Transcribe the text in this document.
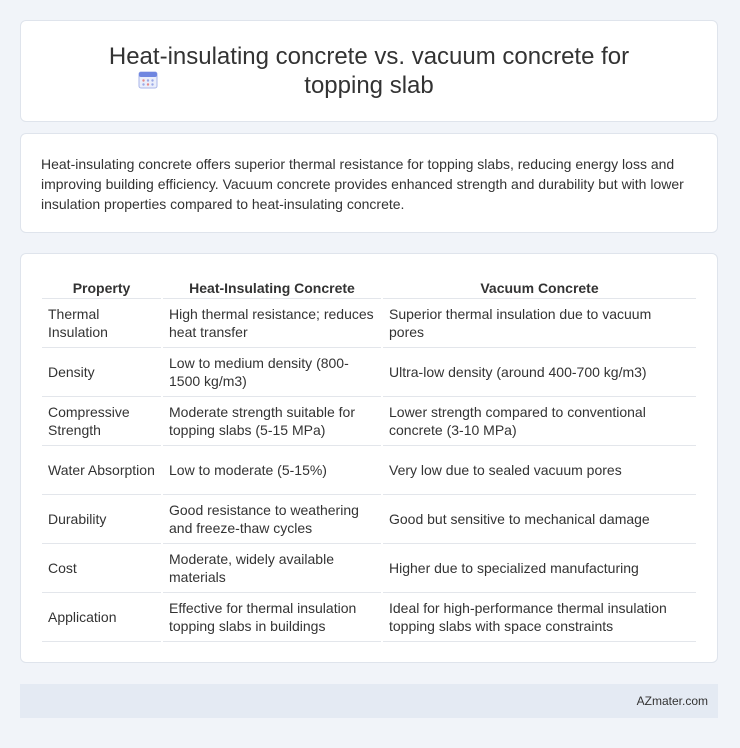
Heat-insulating concrete vs. vacuum concrete for topping slab

Heat-insulating concrete offers superior thermal resistance for topping slabs, reducing energy loss and improving building efficiency. Vacuum concrete provides enhanced strength and durability but with lower insulation properties compared to heat-insulating concrete.

Property	Heat-Insulating Concrete	Vacuum Concrete
Thermal Insulation	High thermal resistance; reduces heat transfer	Superior thermal insulation due to vacuum pores
Density	Low to medium density (800-1500 kg/m3)	Ultra-low density (around 400-700 kg/m3)
Compressive Strength	Moderate strength suitable for topping slabs (5-15 MPa)	Lower strength compared to conventional concrete (3-10 MPa)
Water Absorption	Low to moderate (5-15%)	Very low due to sealed vacuum pores
Durability	Good resistance to weathering and freeze-thaw cycles	Good but sensitive to mechanical damage
Cost	Moderate, widely available materials	Higher due to specialized manufacturing
Application	Effective for thermal insulation topping slabs in buildings	Ideal for high-performance thermal insulation topping slabs with space constraints
AZmater.com
